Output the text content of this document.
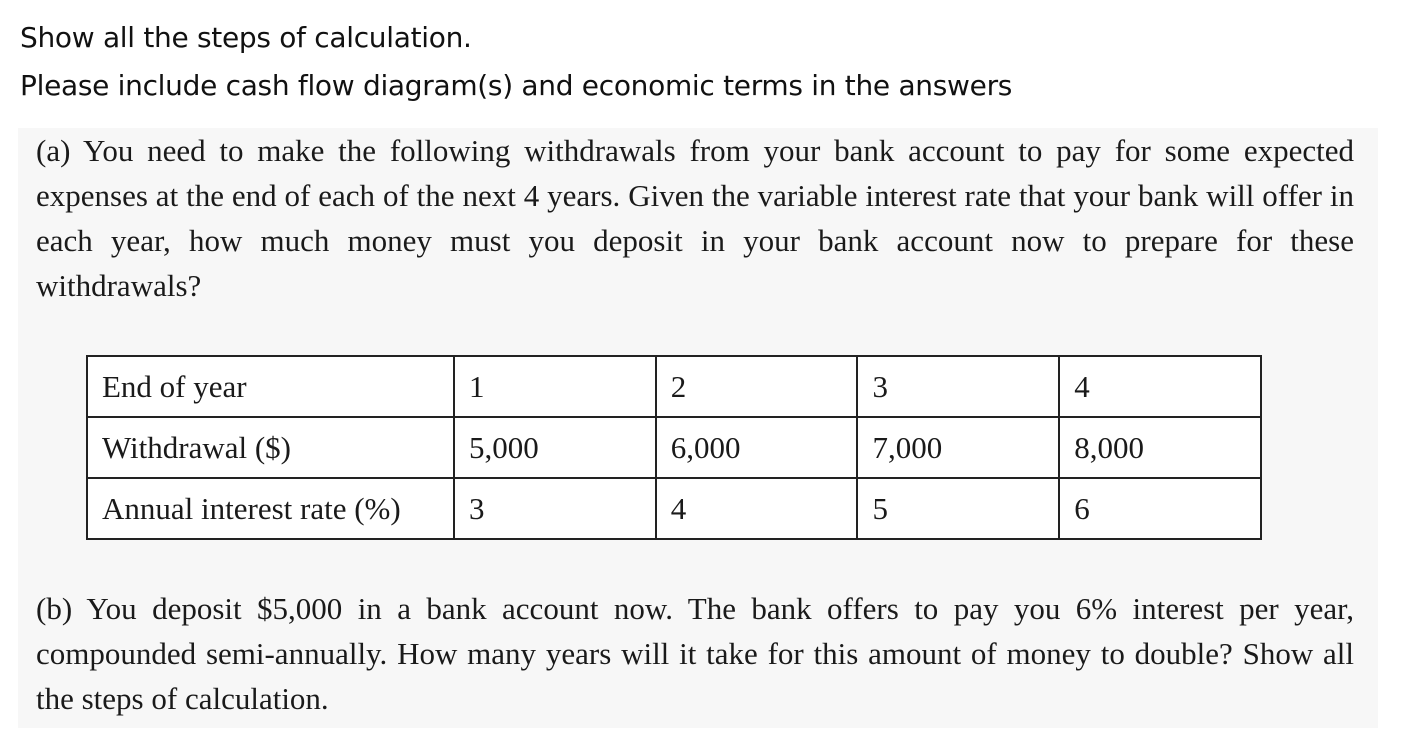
Show all the steps of calculation.
Please include cash flow diagram(s) and economic terms in the answers
(a) You need to make the following withdrawals from your bank account to pay for some expected expenses at the end of each of the next 4 years. Given the variable interest rate that your bank will offer in each year, how much money must you deposit in your bank account now to prepare for these withdrawals?
End of year	1	2	3	4
Withdrawal ($)	5,000	6,000	7,000	8,000
Annual interest rate (%)	3	4	5	6
(b) You deposit $5,000 in a bank account now. The bank offers to pay you 6% interest per year, compounded semi-annually. How many years will it take for this amount of money to double? Show all the steps of calculation.
